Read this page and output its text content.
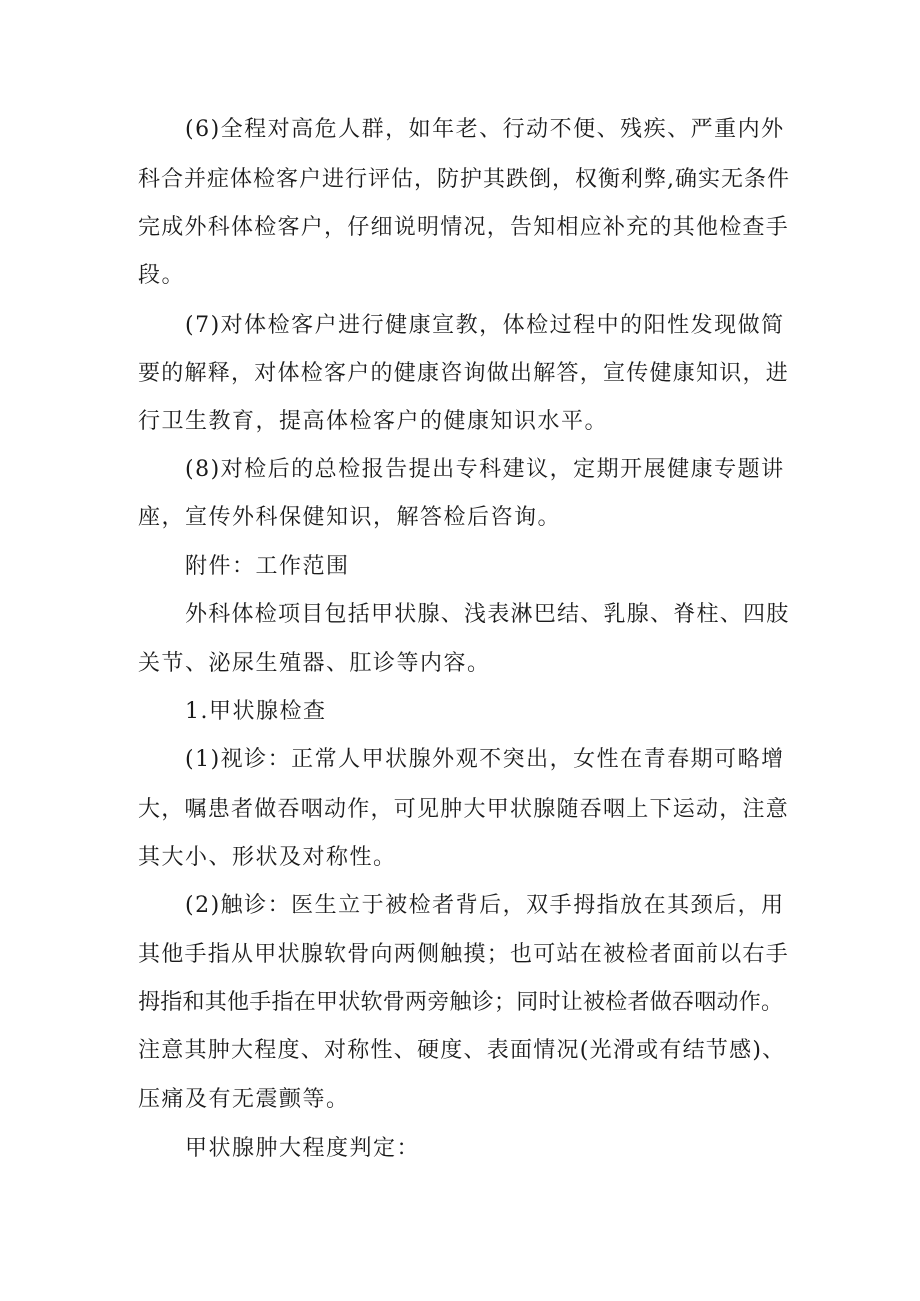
(6)全程对高危人群，如年老、行动不便、残疾、严重内外
科合并症体检客户进行评估，防护其跌倒，权衡利弊,确实无条件
完成外科体检客户，仔细说明情况，告知相应补充的其他检查手
段。
(7)对体检客户进行健康宣教，体检过程中的阳性发现做简
要的解释，对体检客户的健康咨询做出解答，宣传健康知识，进
行卫生教育，提高体检客户的健康知识水平。
(8)对检后的总检报告提出专科建议，定期开展健康专题讲
座，宣传外科保健知识，解答检后咨询。
附件：工作范围
外科体检项目包括甲状腺、浅表淋巴结、乳腺、脊柱、四肢
关节、泌尿生殖器、肛诊等内容。
1.甲状腺检查
(1)视诊：正常人甲状腺外观不突出，女性在青春期可略增
大，嘱患者做吞咽动作，可见肿大甲状腺随吞咽上下运动，注意
其大小、形状及对称性。
(2)触诊：医生立于被检者背后，双手拇指放在其颈后，用
其他手指从甲状腺软骨向两侧触摸；也可站在被检者面前以右手
拇指和其他手指在甲状软骨两旁触诊；同时让被检者做吞咽动作。
注意其肿大程度、对称性、硬度、表面情况(光滑或有结节感)、
压痛及有无震颤等。
甲状腺肿大程度判定：
